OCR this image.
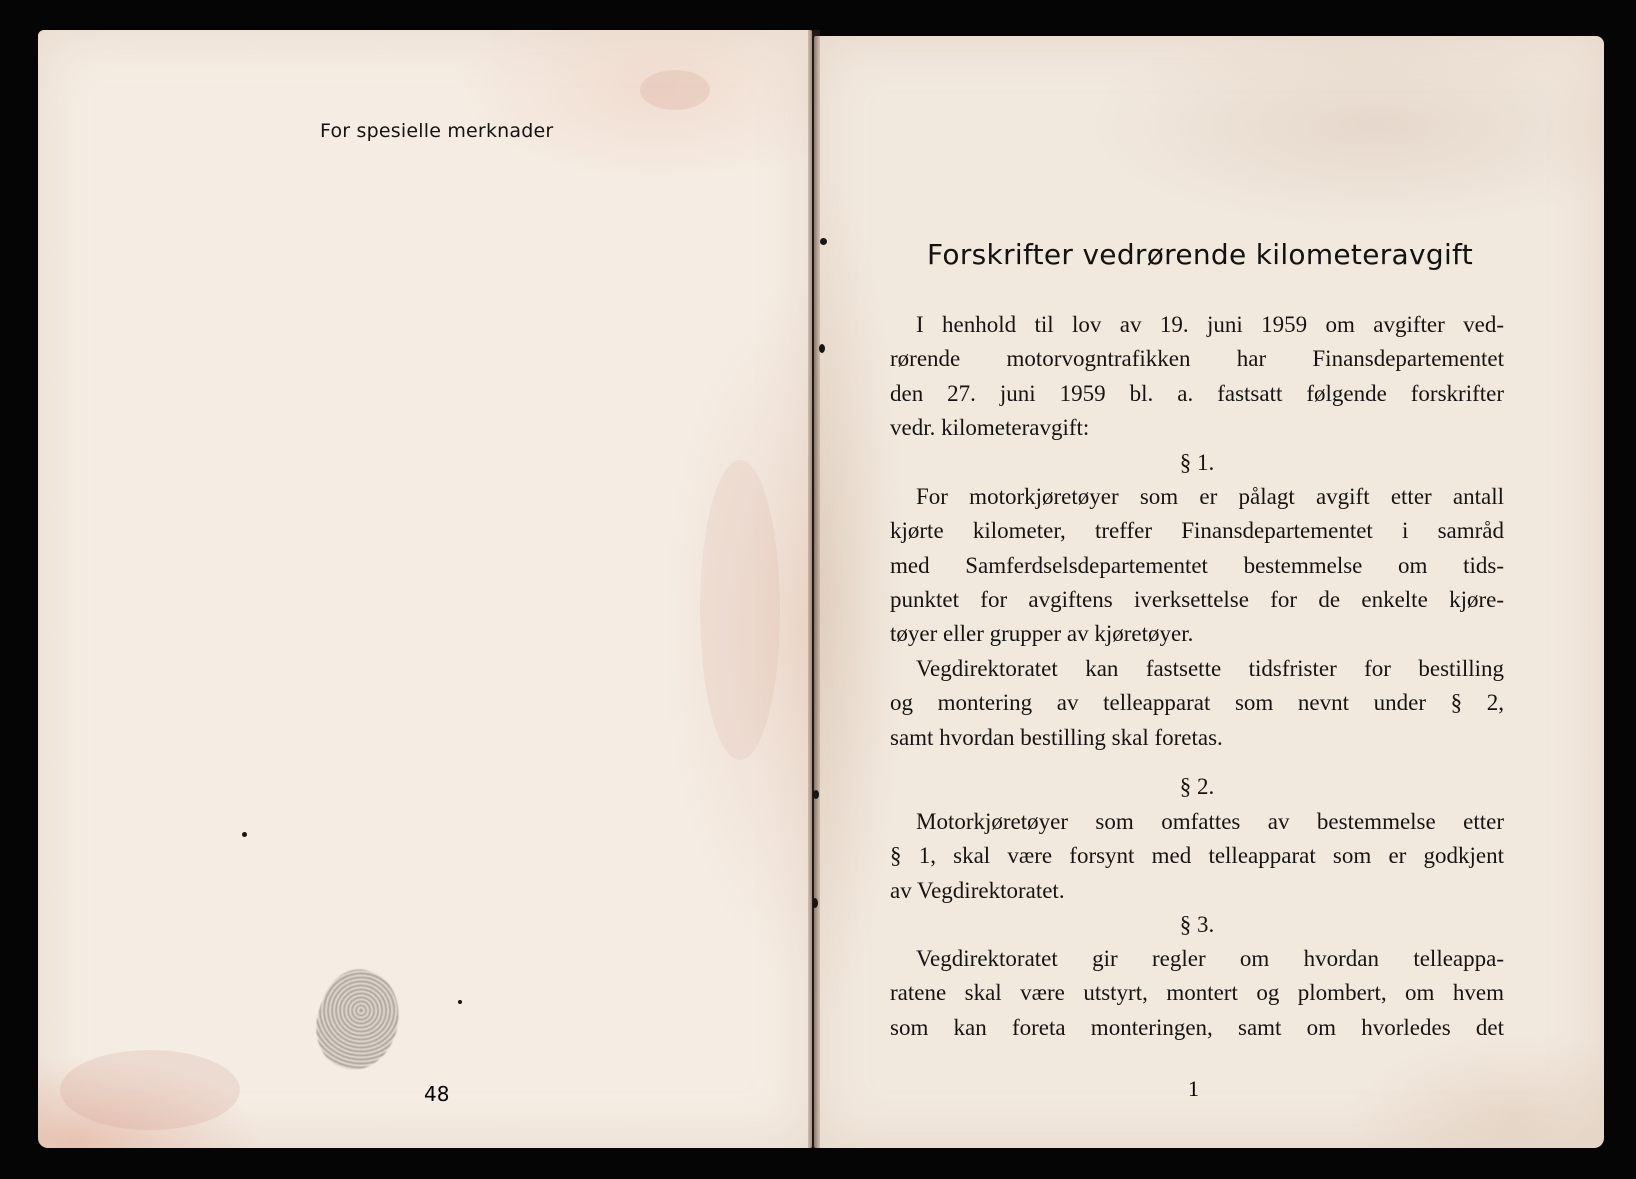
For spesielle merknader
48
Forskrifter vedrørende kilometeravgift
I henhold til lov av 19. juni 1959 om avgifter ved-
rørende motorvogntrafikken har Finansdepartementet
den 27. juni 1959 bl. a. fastsatt følgende forskrifter
vedr. kilometeravgift:
§ 1.
For motorkjøretøyer som er pålagt avgift etter antall
kjørte kilometer, treffer Finansdepartementet i samråd
med Samferdselsdepartementet bestemmelse om tids-
punktet for avgiftens iverksettelse for de enkelte kjøre-
tøyer eller grupper av kjøretøyer.
Vegdirektoratet kan fastsette tidsfrister for bestilling
og montering av telleapparat som nevnt under § 2,
samt hvordan bestilling skal foretas.
§ 2.
Motorkjøretøyer som omfattes av bestemmelse etter
§ 1, skal være forsynt med telleapparat som er godkjent
av Vegdirektoratet.
§ 3.
Vegdirektoratet gir regler om hvordan telleappa-
ratene skal være utstyrt, montert og plombert, om hvem
som kan foreta monteringen, samt om hvorledes det
1
